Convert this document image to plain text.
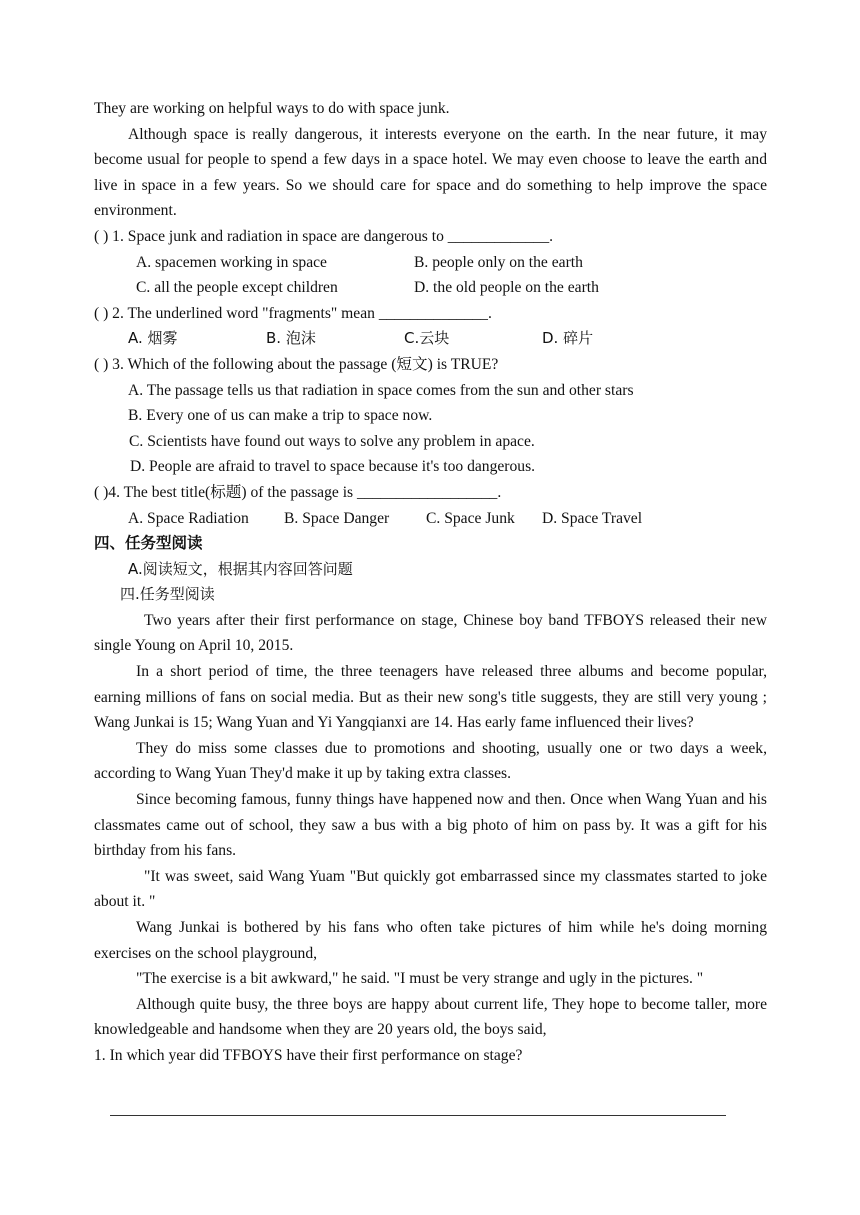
They are working on helpful ways to do with space junk.

Although space is really dangerous, it interests everyone on the earth. In the near future, it may become usual for people to spend a few days in a space hotel. We may even choose to leave the earth and live in space in a few years. So we should care for space and do something to help improve the space environment.

( ) 1. Space junk and radiation in space are dangerous to _____________.

A. spacemen working in space	B. people only on the earth

C. all the people except children	D. the old people on the earth

( ) 2. The underlined word "fragments" mean ______________.

A. 烟雾	B. 泡沫	C.云块	D. 碎片

( ) 3. Which of the following about the passage (短文) is TRUE?

A. The passage tells us that radiation in space comes from the sun and other stars

B. Every one of us can make a trip to space now.

C. Scientists have found out ways to solve any problem in apace.

D. People are afraid to travel to space because it's too dangerous.

( )4. The best title(标题) of the passage is __________________.

A. Space Radiation B. Space Danger C. Space Junk D. Space Travel

四、任务型阅读

A.阅读短文，根据其内容回答问题

四.任务型阅读

Two years after their first performance on stage, Chinese boy band TFBOYS released their new single Young on April 10, 2015.

In a short period of time, the three teenagers have released three albums and become popular, earning millions of fans on social media. But as their new song's title suggests, they are still very young ; Wang Junkai is 15; Wang Yuan and Yi Yangqianxi are 14. Has early fame influenced their lives?

They do miss some classes due to promotions and shooting, usually one or two days a week, according to Wang Yuan They'd make it up by taking extra classes.

Since becoming famous, funny things have happened now and then. Once when Wang Yuan and his classmates came out of school, they saw a bus with a big photo of him on pass by. It was a gift for his birthday from his fans.

"It was sweet, said Wang Yuam "But quickly got embarrassed since my classmates started to joke about it. "

Wang Junkai is bothered by his fans who often take pictures of him while he's doing morning exercises on the school playground,

"The exercise is a bit awkward," he said. "I must be very strange and ugly in the pictures. "

Although quite busy, the three boys are happy about current life, They hope to become taller, more knowledgeable and handsome when they are 20 years old, the boys said,

1. In which year did TFBOYS have their first performance on stage?
